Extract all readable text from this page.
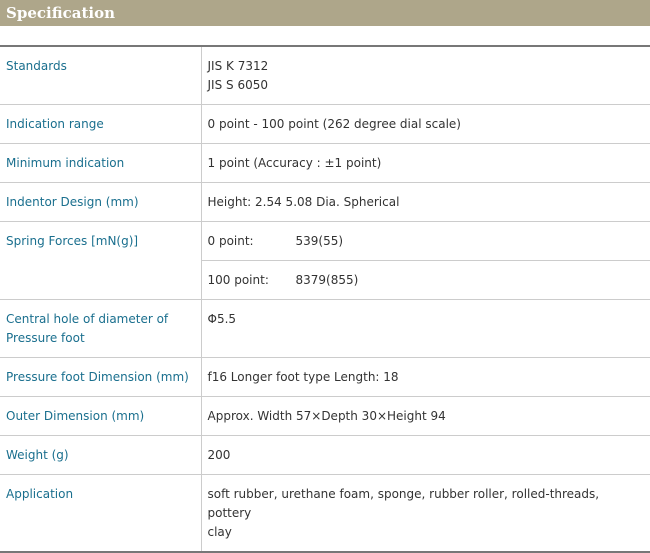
Specification
Standards	JIS K 7312
JIS S 6050

Indication range	0 point - 100 point (262 degree dial scale)
Minimum indication	1 point (Accuracy : ±1 point)
Indentor Design (mm)	Height: 2.54 5.08 Dia. Spherical
Spring Forces [mN(g)]	0 point: 539(55)
	100 point: 8379(855)

Central hole of diameter of
Pressure foot	Φ5.5
Pressure foot Dimension (mm)	f16 Longer foot type Length: 18
Outer Dimension (mm)	Approx. Width 57×Depth 30×Height 94
Weight (g)	200
Application	soft rubber, urethane foam, sponge, rubber roller, rolled-threads, pottery
clay
